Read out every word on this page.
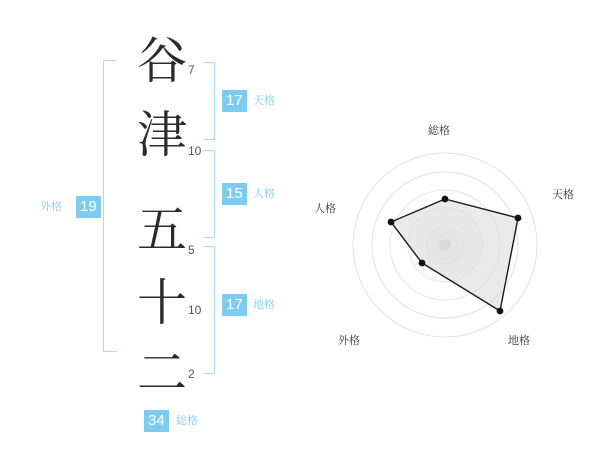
19
外格
谷
津
五
十
二
7
10
5
10
2
17 天格
15 人格
17 地格
34	総格
総格
天格
地格
外格
人格
